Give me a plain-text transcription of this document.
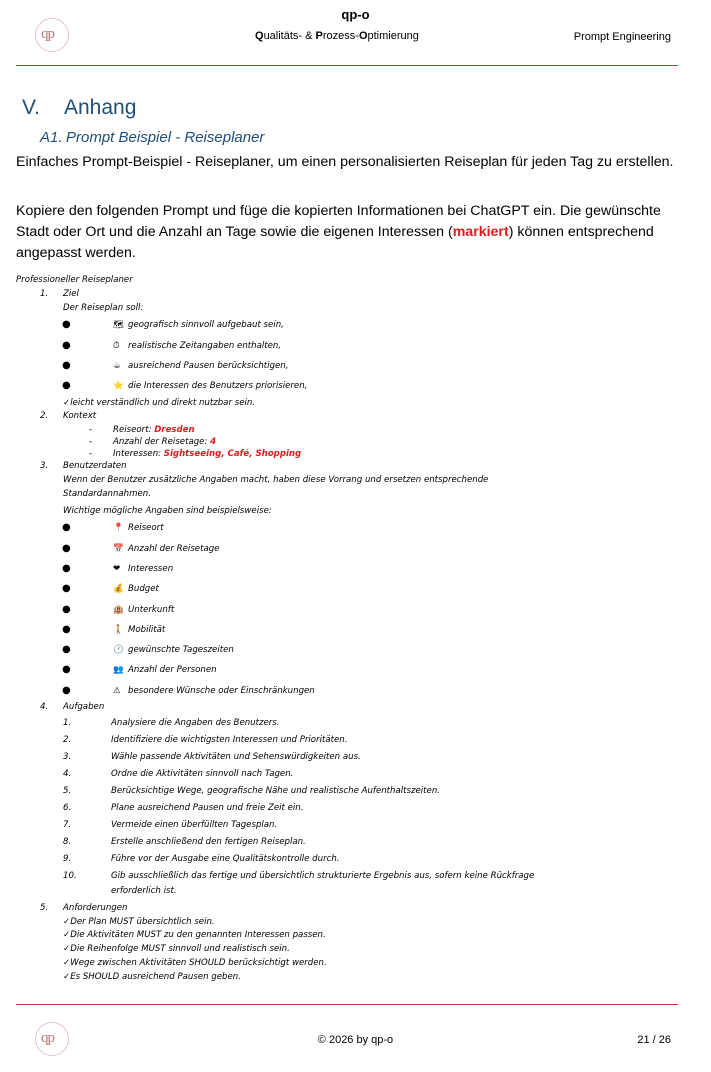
qp
qp-o
Qualitäts- & Prozess-Optimierung	Prompt Engineering
V. Anhang
A1. Prompt Beispiel - Reiseplaner
Einfaches Prompt-Beispiel - Reiseplaner, um einen personalisierten Reiseplan für jeden Tag zu erstellen.
Kopiere den folgenden Prompt und füge die kopierten Informationen bei ChatGPT ein. Die gewünschte Stadt oder Ort und die Anzahl an Tage sowie die eigenen Interessen (markiert) können entsprechend angepasst werden.
Professioneller Reiseplaner
1. Ziel
Der Reiseplan soll:
●	🗺 geografisch sinnvoll aufgebaut sein,
●	⏱ realistische Zeitangaben enthalten,
●	☕ ausreichend Pausen berücksichtigen,
●	⭐ die Interessen des Benutzers priorisieren,
✓leicht verständlich und direkt nutzbar sein.
2. Kontext
- Reiseort: Dresden
- Anzahl der Reisetage: 4
- Interessen: Sightseeing, Café, Shopping
3. Benutzerdaten
Wenn der Benutzer zusätzliche Angaben macht, haben diese Vorrang und ersetzen entsprechende
Standardannahmen.
Wichtige mögliche Angaben sind beispielsweise:
●	📍 Reiseort
●	📅 Anzahl der Reisetage
●	❤ Interessen
●	💰 Budget
●	🏨 Unterkunft
●	🚶 Mobilität
●	🕐 gewünschte Tageszeiten
●	👥 Anzahl der Personen
●	⚠ besondere Wünsche oder Einschränkungen
4. Aufgaben
1.	Analysiere die Angaben des Benutzers.
2.	Identifiziere die wichtigsten Interessen und Prioritäten.
3.	Wähle passende Aktivitäten und Sehenswürdigkeiten aus.
4.	Ordne die Aktivitäten sinnvoll nach Tagen.
5.	Berücksichtige Wege, geografische Nähe und realistische Aufenthaltszeiten.
6.	Plane ausreichend Pausen und freie Zeit ein.
7.	Vermeide einen überfüllten Tagesplan.
8.	Erstelle anschließend den fertigen Reiseplan.
9.	Führe vor der Ausgabe eine Qualitätskontrolle durch.
10.	Gib ausschließlich das fertige und übersichtlich strukturierte Ergebnis aus, sofern keine Rückfrage
erforderlich ist.
5. Anforderungen
✓Der Plan MUST übersichtlich sein.
✓Die Aktivitäten MUST zu den genannten Interessen passen.
✓Die Reihenfolge MUST sinnvoll und realistisch sein.
✓Wege zwischen Aktivitäten SHOULD berücksichtigt werden.
✓Es SHOULD ausreichend Pausen geben.
qp	© 2026 by qp-o	21 / 26
